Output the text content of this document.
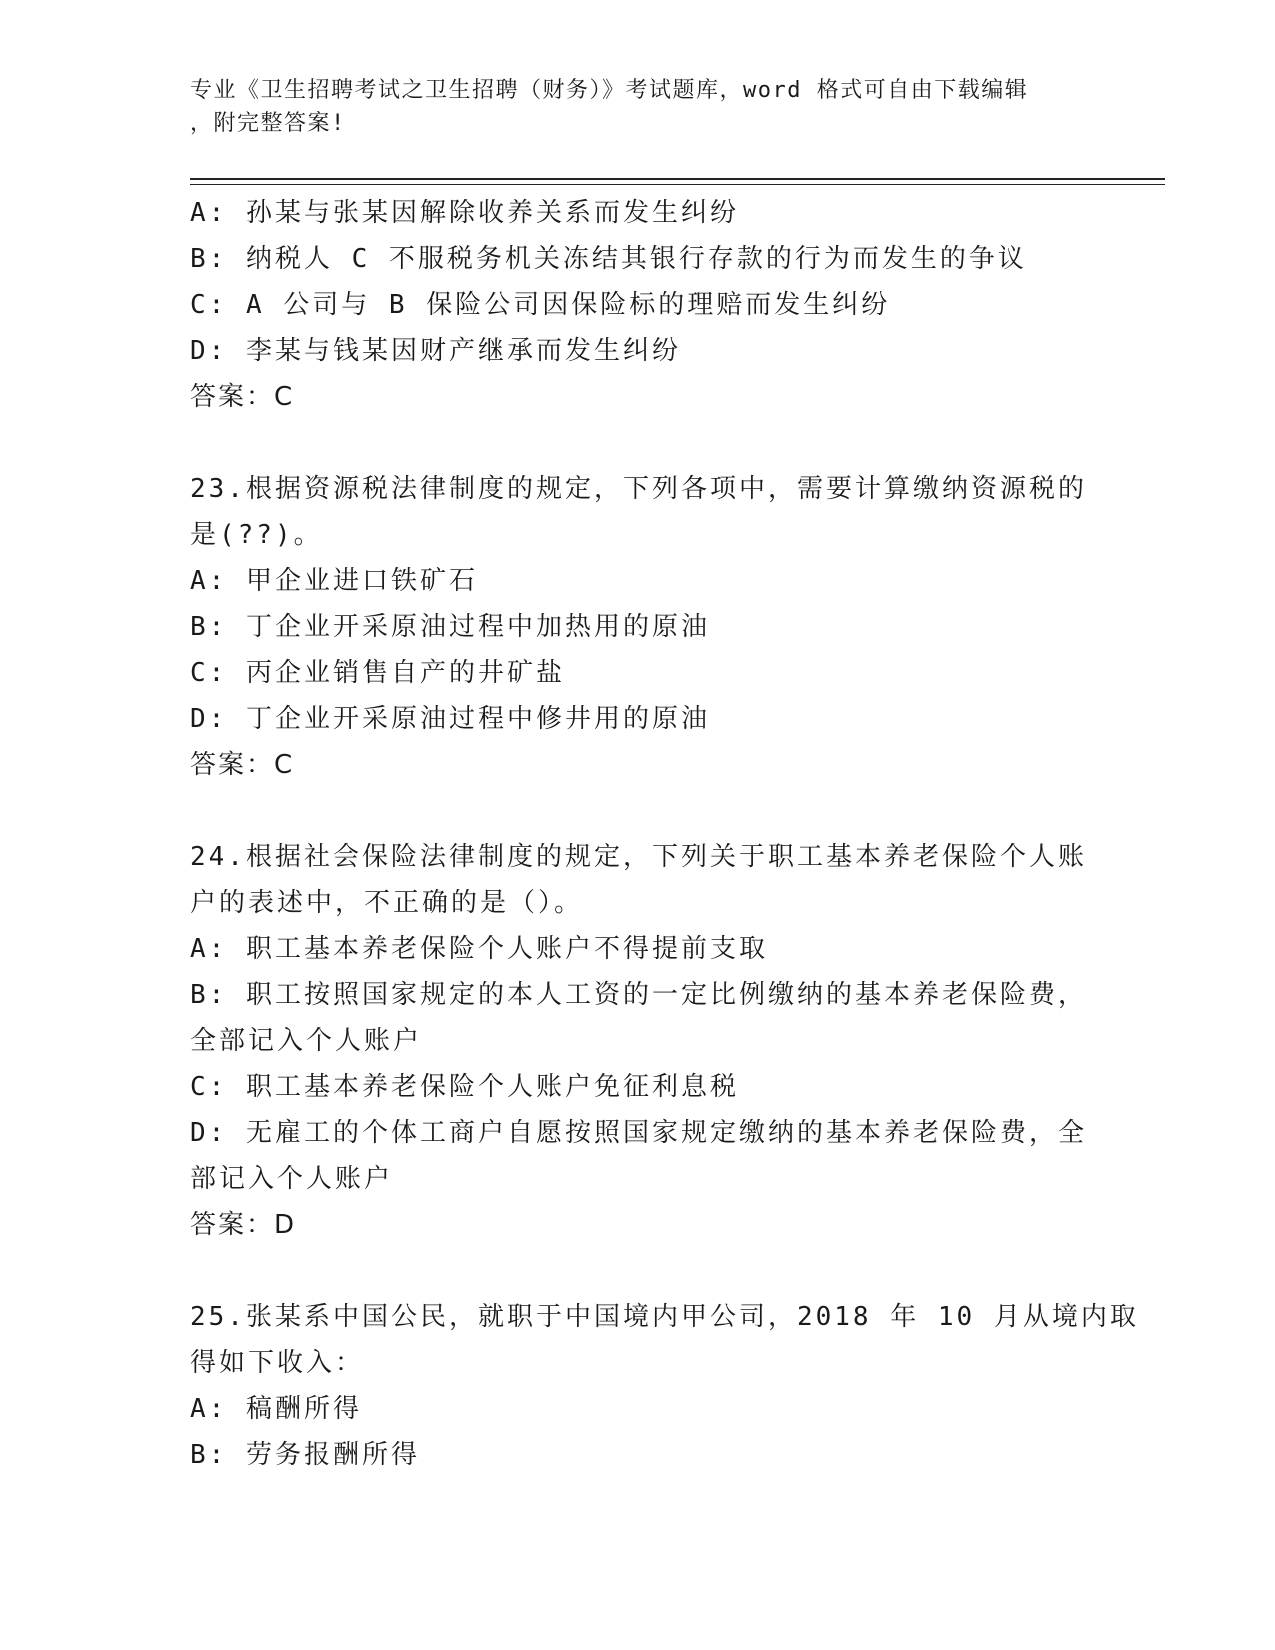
专业《卫生招聘考试之卫生招聘（财务）》考试题库，word 格式可自由下载编辑
，附完整答案!
A: 孙某与张某因解除收养关系而发生纠纷
B: 纳税人 C 不服税务机关冻结其银行存款的行为而发生的争议
C: A 公司与 B 保险公司因保险标的理赔而发生纠纷
D: 李某与钱某因财产继承而发生纠纷
答案：C
23.根据资源税法律制度的规定，下列各项中，需要计算缴纳资源税的
是(??)。
A: 甲企业进口铁矿石
B: 丁企业开采原油过程中加热用的原油
C: 丙企业销售自产的井矿盐
D: 丁企业开采原油过程中修井用的原油
答案：C
24.根据社会保险法律制度的规定，下列关于职工基本养老保险个人账
户的表述中，不正确的是（）。
A: 职工基本养老保险个人账户不得提前支取
B: 职工按照国家规定的本人工资的一定比例缴纳的基本养老保险费，
全部记入个人账户
C: 职工基本养老保险个人账户免征利息税
D: 无雇工的个体工商户自愿按照国家规定缴纳的基本养老保险费，全
部记入个人账户
答案：D
25.张某系中国公民，就职于中国境内甲公司，2018 年 10 月从境内取
得如下收入：
A: 稿酬所得
B: 劳务报酬所得
